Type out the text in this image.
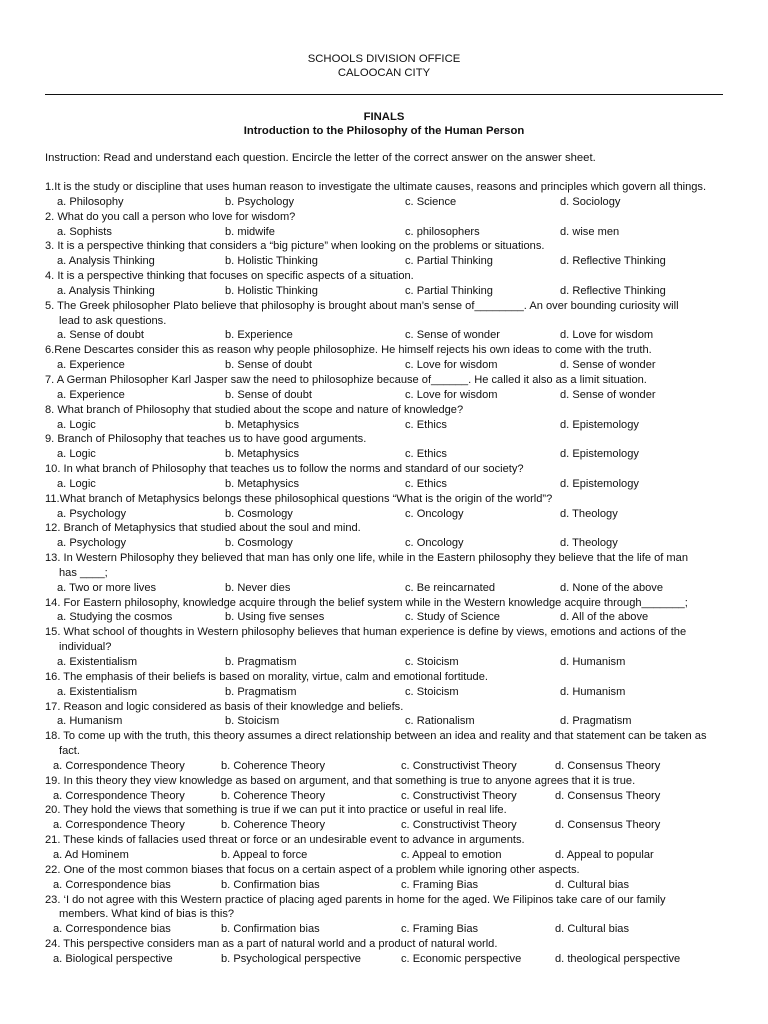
SCHOOLS DIVISION OFFICE
CALOOCAN CITY
FINALS
Introduction to the Philosophy of the Human Person
Instruction: Read and understand each question. Encircle the letter of the correct answer on the answer sheet.
1.It is the study or discipline that uses human reason to investigate the ultimate causes, reasons and principles which govern all things.
a. Philosophy	b. Psychology	c. Science	d. Sociology
2. What do you call a person who love for wisdom?
a. Sophists	b. midwife	c. philosophers	d. wise men
3. It is a perspective thinking that considers a “big picture” when looking on the problems or situations.
a. Analysis Thinking	b. Holistic Thinking	c. Partial Thinking	d. Reflective Thinking
4. It is a perspective thinking that focuses on specific aspects of a situation.
a. Analysis Thinking	b. Holistic Thinking	c. Partial Thinking	d. Reflective Thinking
5. The Greek philosopher Plato believe that philosophy is brought about man’s sense of________. An over bounding curiosity will
lead to ask questions.
a. Sense of doubt	b. Experience	c. Sense of wonder	d. Love for wisdom
6.Rene Descartes consider this as reason why people philosophize. He himself rejects his own ideas to come with the truth.
a. Experience	b. Sense of doubt	c. Love for wisdom	d. Sense of wonder
7. A German Philosopher Karl Jasper saw the need to philosophize because of______. He called it also as a limit situation.
a. Experience	b. Sense of doubt	c. Love for wisdom	d. Sense of wonder
8. What branch of Philosophy that studied about the scope and nature of knowledge?
a. Logic	b. Metaphysics	c. Ethics	d. Epistemology
9. Branch of Philosophy that teaches us to have good arguments.
a. Logic	b. Metaphysics	c. Ethics	d. Epistemology
10. In what branch of Philosophy that teaches us to follow the norms and standard of our society?
a. Logic	b. Metaphysics	c. Ethics	d. Epistemology
11.What branch of Metaphysics belongs these philosophical questions “What is the origin of the world”?
a. Psychology	b. Cosmology	c. Oncology	d. Theology
12. Branch of Metaphysics that studied about the soul and mind.
a. Psychology	b. Cosmology	c. Oncology	d. Theology
13. In Western Philosophy they believed that man has only one life, while in the Eastern philosophy they believe that the life of man
has ____;
a. Two or more lives	b. Never dies	c. Be reincarnated	d. None of the above
14. For Eastern philosophy, knowledge acquire through the belief system while in the Western knowledge acquire through_______;
a. Studying the cosmos	b. Using five senses	c. Study of Science	d. All of the above
15. What school of thoughts in Western philosophy believes that human experience is define by views, emotions and actions of the
individual?
a. Existentialism	b. Pragmatism	c. Stoicism	d. Humanism
16. The emphasis of their beliefs is based on morality, virtue, calm and emotional fortitude.
a. Existentialism	b. Pragmatism	c. Stoicism	d. Humanism
17. Reason and logic considered as basis of their knowledge and beliefs.
a. Humanism	b. Stoicism	c. Rationalism	d. Pragmatism
18. To come up with the truth, this theory assumes a direct relationship between an idea and reality and that statement can be taken as
fact.
a. Correspondence Theory	b. Coherence Theory	c. Constructivist Theory	d. Consensus Theory
19. In this theory they view knowledge as based on argument, and that something is true to anyone agrees that it is true.
a. Correspondence Theory	b. Coherence Theory	c. Constructivist Theory	d. Consensus Theory
20. They hold the views that something is true if we can put it into practice or useful in real life.
a. Correspondence Theory	b. Coherence Theory	c. Constructivist Theory	d. Consensus Theory
21. These kinds of fallacies used threat or force or an undesirable event to advance in arguments.
a. Ad Hominem	b. Appeal to force	c. Appeal to emotion	d. Appeal to popular
22. One of the most common biases that focus on a certain aspect of a problem while ignoring other aspects.
a. Correspondence bias	b. Confirmation bias	c. Framing Bias	d. Cultural bias
23. ‘I do not agree with this Western practice of placing aged parents in home for the aged. We Filipinos take care of our family
members. What kind of bias is this?
a. Correspondence bias	b. Confirmation bias	c. Framing Bias	d. Cultural bias
24. This perspective considers man as a part of natural world and a product of natural world.
a. Biological perspective	b. Psychological perspective	c. Economic perspective	d. theological perspective
